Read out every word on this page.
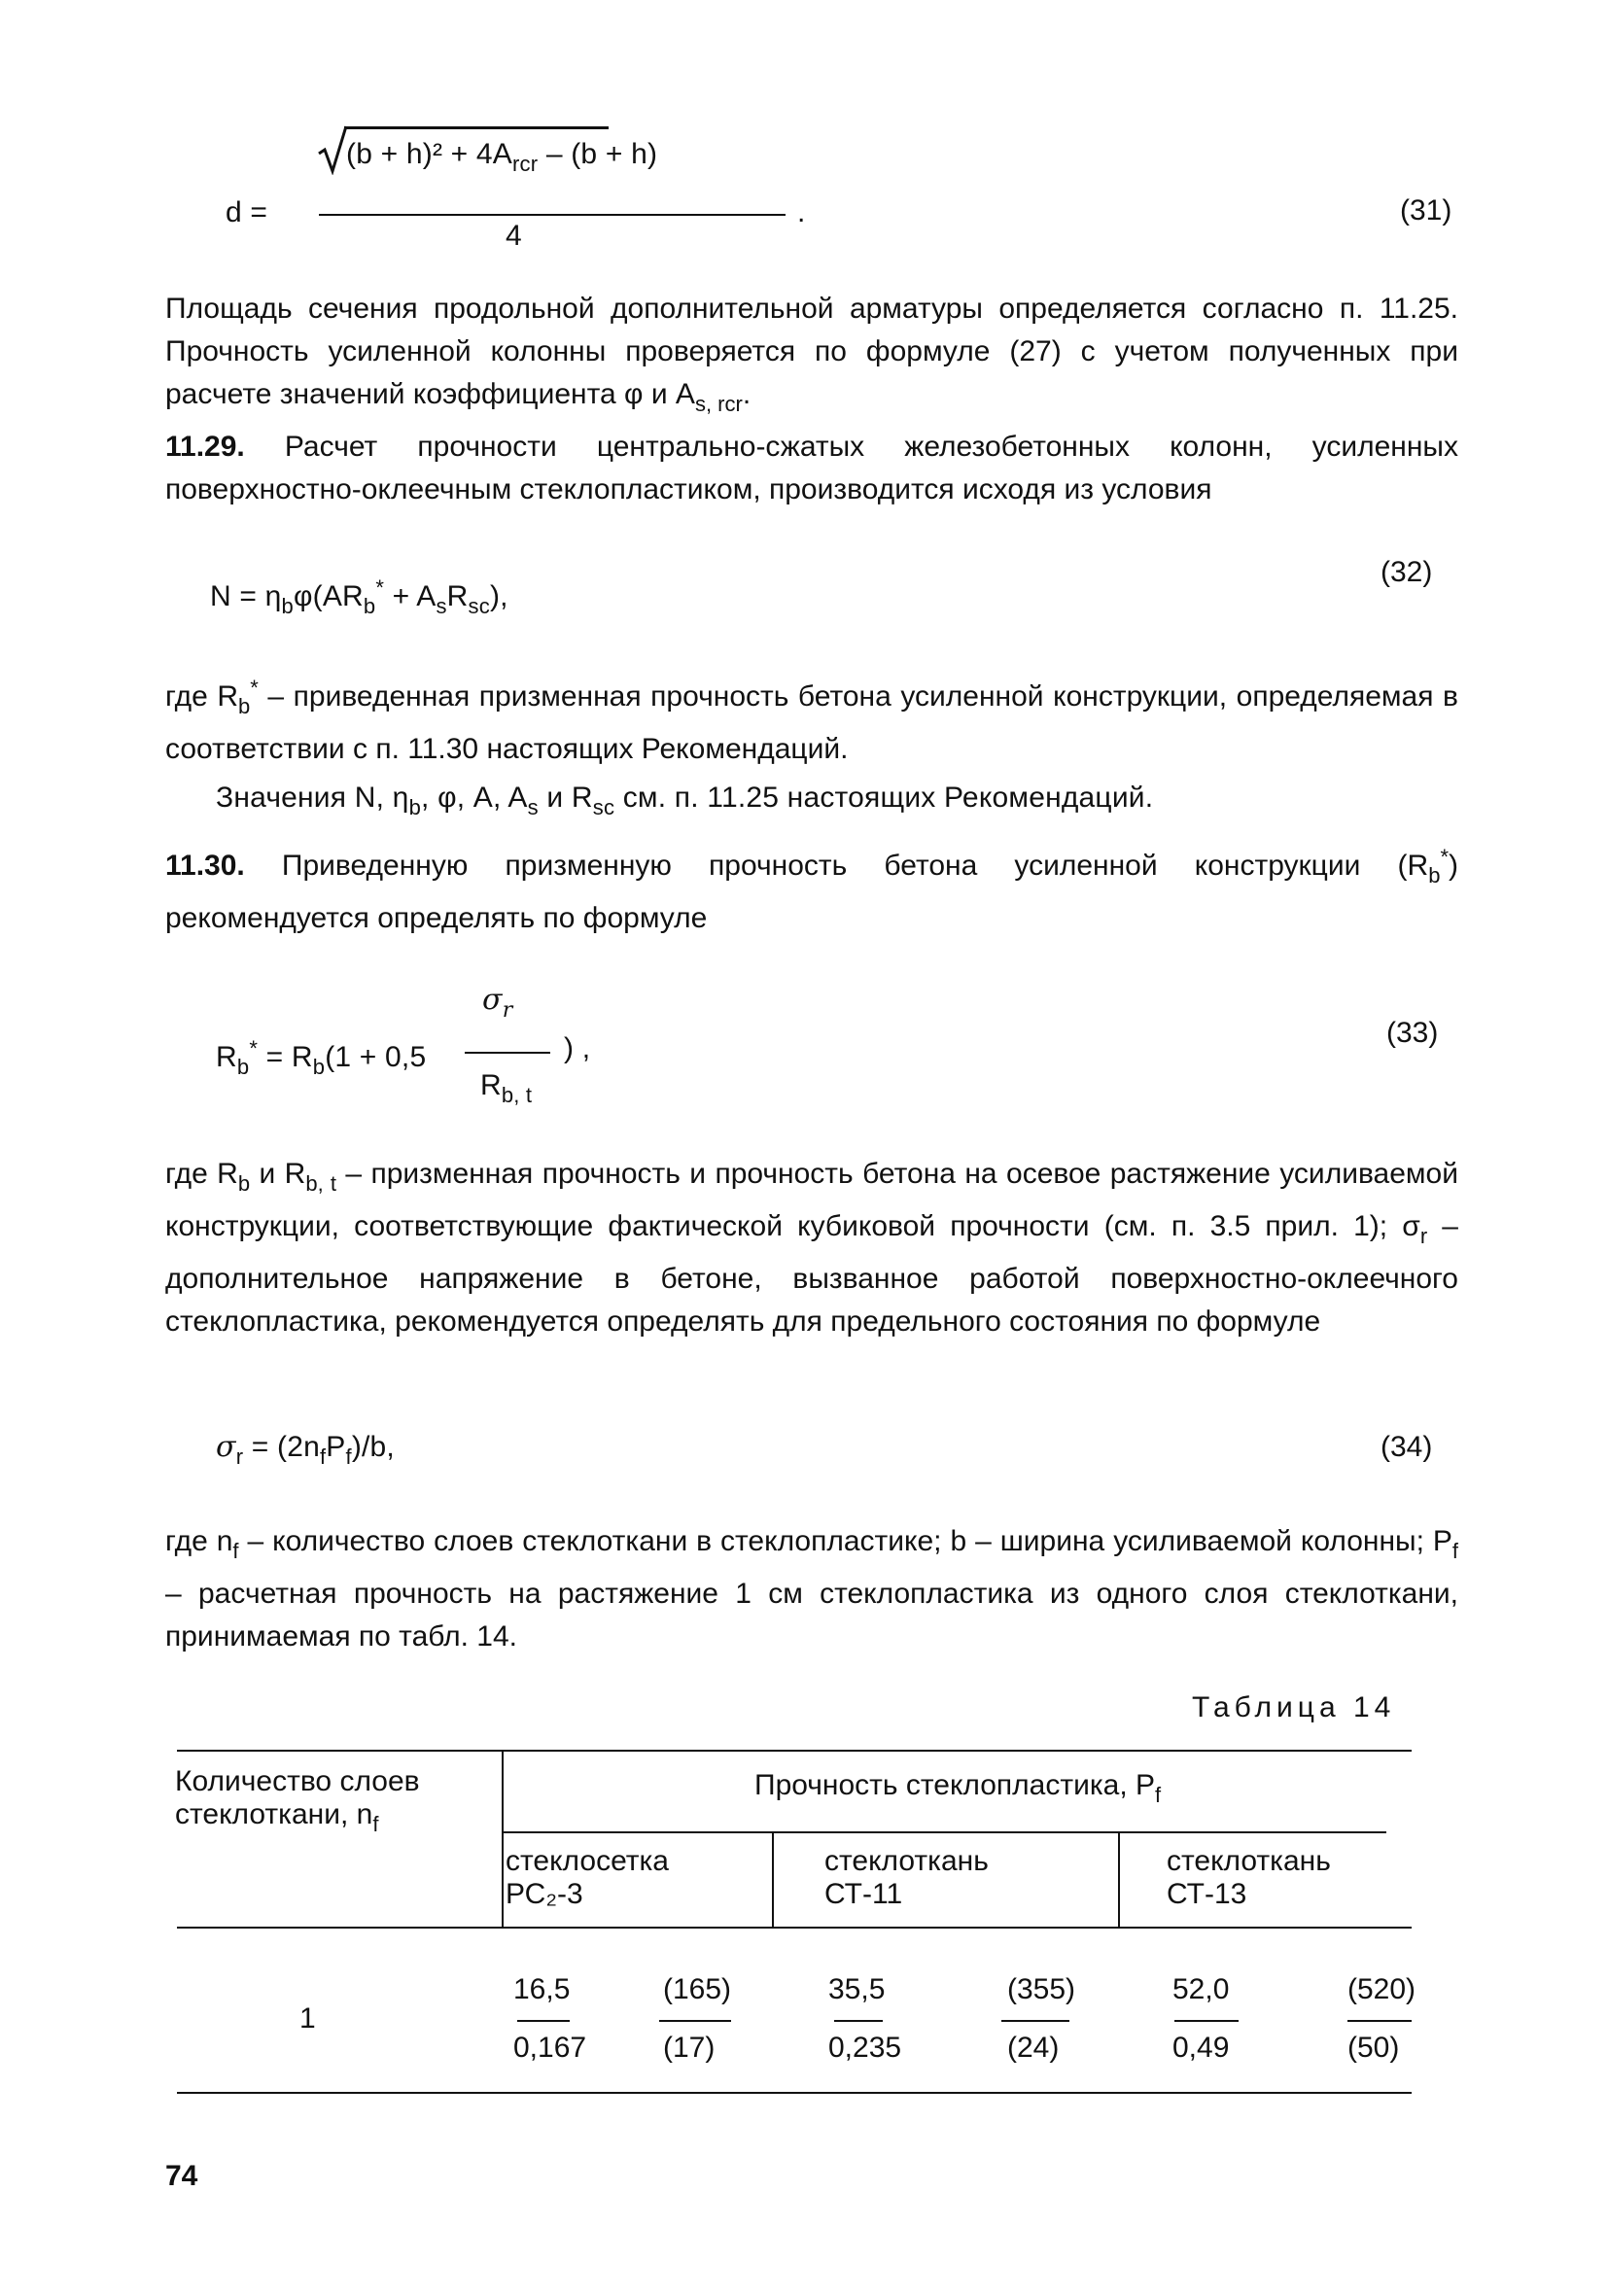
d =
$(b + h)^2 + 4A_{rcr} - (b + h)$
.
4
(31)
Площадь сечения продольной дополнительной арматуры определяется согласно п. 11.25. Прочность усиленной колонны проверяется по формуле (27) с учетом полученных при расчете значений коэффициента φ и $A_{s, rcr}$.
11.29. Расчет прочности центрально-сжатых железобетонных колонн, усиленных поверхностно-оклеечным стеклопластиком, производится исходя из условия
$N = \eta_b\varphi(AR_b^* + A_sR_{sc})$,
(32)
где $R_b^*$ – приведенная призменная прочность бетона усиленной конструкции, определяемая в соответствии с п. 11.30 настоящих Рекомендаций.
Значения N, $\eta_b$, φ, A, $A_s$ и $R_{sc}$ см. п. 11.25 настоящих Рекомендаций.
11.30. Приведенную призменную прочность бетона усиленной конструкции $(R_b^*)$ рекомендуется определять по формуле
$\sigma_r$
$R_b^* = R_b(1 + 0,5$	) ,
$R_{b, t}$
(33)
где $R_b$ и $R_{b, t}$ – призменная прочность и прочность бетона на осевое растяжение усиливаемой конструкции, соответствующие фактической кубиковой прочности (см. п. 3.5 прил. 1); $\sigma_r$ – дополнительное напряжение в бетоне, вызванное работой поверхностно-оклеечного стеклопластика, рекомендуется определять для предельного состояния по формуле
$\sigma_r = (2n_fP_f)/b$,	(34)
где $n_f$ – количество слоев стеклоткани в стеклопластике; b – ширина усиливаемой колонны; $P_f$ – расчетная прочность на растяжение 1 см стеклопластика из одного слоя стеклоткани, принимаемая по табл. 14.
Таблица 14
Количество слоев стеклоткани, $n_f$
Прочность стеклопластика, $P_f$
стеклосетка
РС₂-3
стеклоткань
СТ-11
стеклоткань
СТ-13
1
16,5
0,167
(165)
(17)
35,5
0,235
(355)
(24)
52,0
0,49
(520)
(50)
74
